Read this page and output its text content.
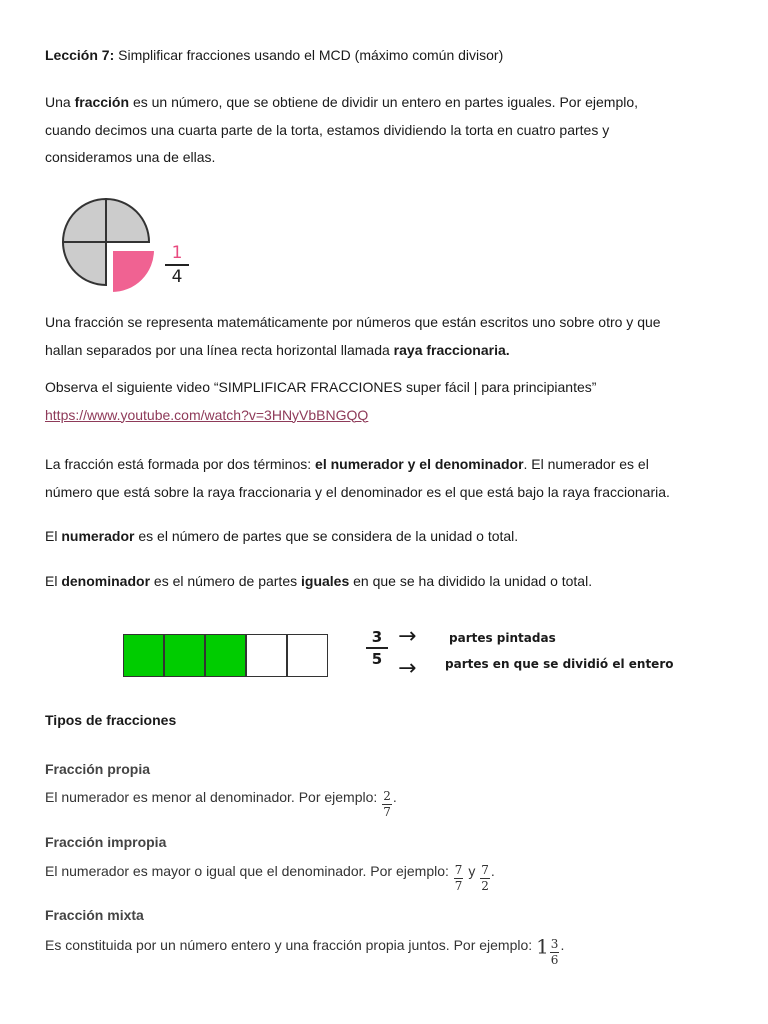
Lección 7: Simplificar fracciones usando el MCD (máximo común divisor)
Una fracción es un número, que se obtiene de dividir un entero en partes iguales. Por ejemplo,
cuando decimos una cuarta parte de la torta, estamos dividiendo la torta en cuatro partes y
consideramos una de ellas.
$\frac{1}{4}$
Una fracción se representa matemáticamente por números que están escritos uno sobre otro y que
hallan separados por una línea recta horizontal llamada raya fraccionaria.
Observa el siguiente video “SIMPLIFICAR FRACCIONES super fácil | para principiantes”
https://www.youtube.com/watch?v=3HNyVbBNGQQ
La fracción está formada por dos términos: el numerador y el denominador. El numerador es el
número que está sobre la raya fraccionaria y el denominador es el que está bajo la raya fraccionaria.
El numerador es el número de partes que se considera de la unidad o total.
El denominador es el número de partes iguales en que se ha dividido la unidad o total.
$\frac{3}{5}$ →
→
partes pintadas
partes en que se dividió el entero
Tipos de fracciones
Fracción propia
El numerador es menor al denominador. Por ejemplo: $\frac{2}{7}$ .
Fracción impropia
El numerador es mayor o igual que el denominador. Por ejemplo: $\frac{7}{7}$ y $\frac{7}{2}$ .
Fracción mixta
Es constituida por un número entero y una fracción propia juntos. Por ejemplo: $1 \frac{3}{6}$ .
